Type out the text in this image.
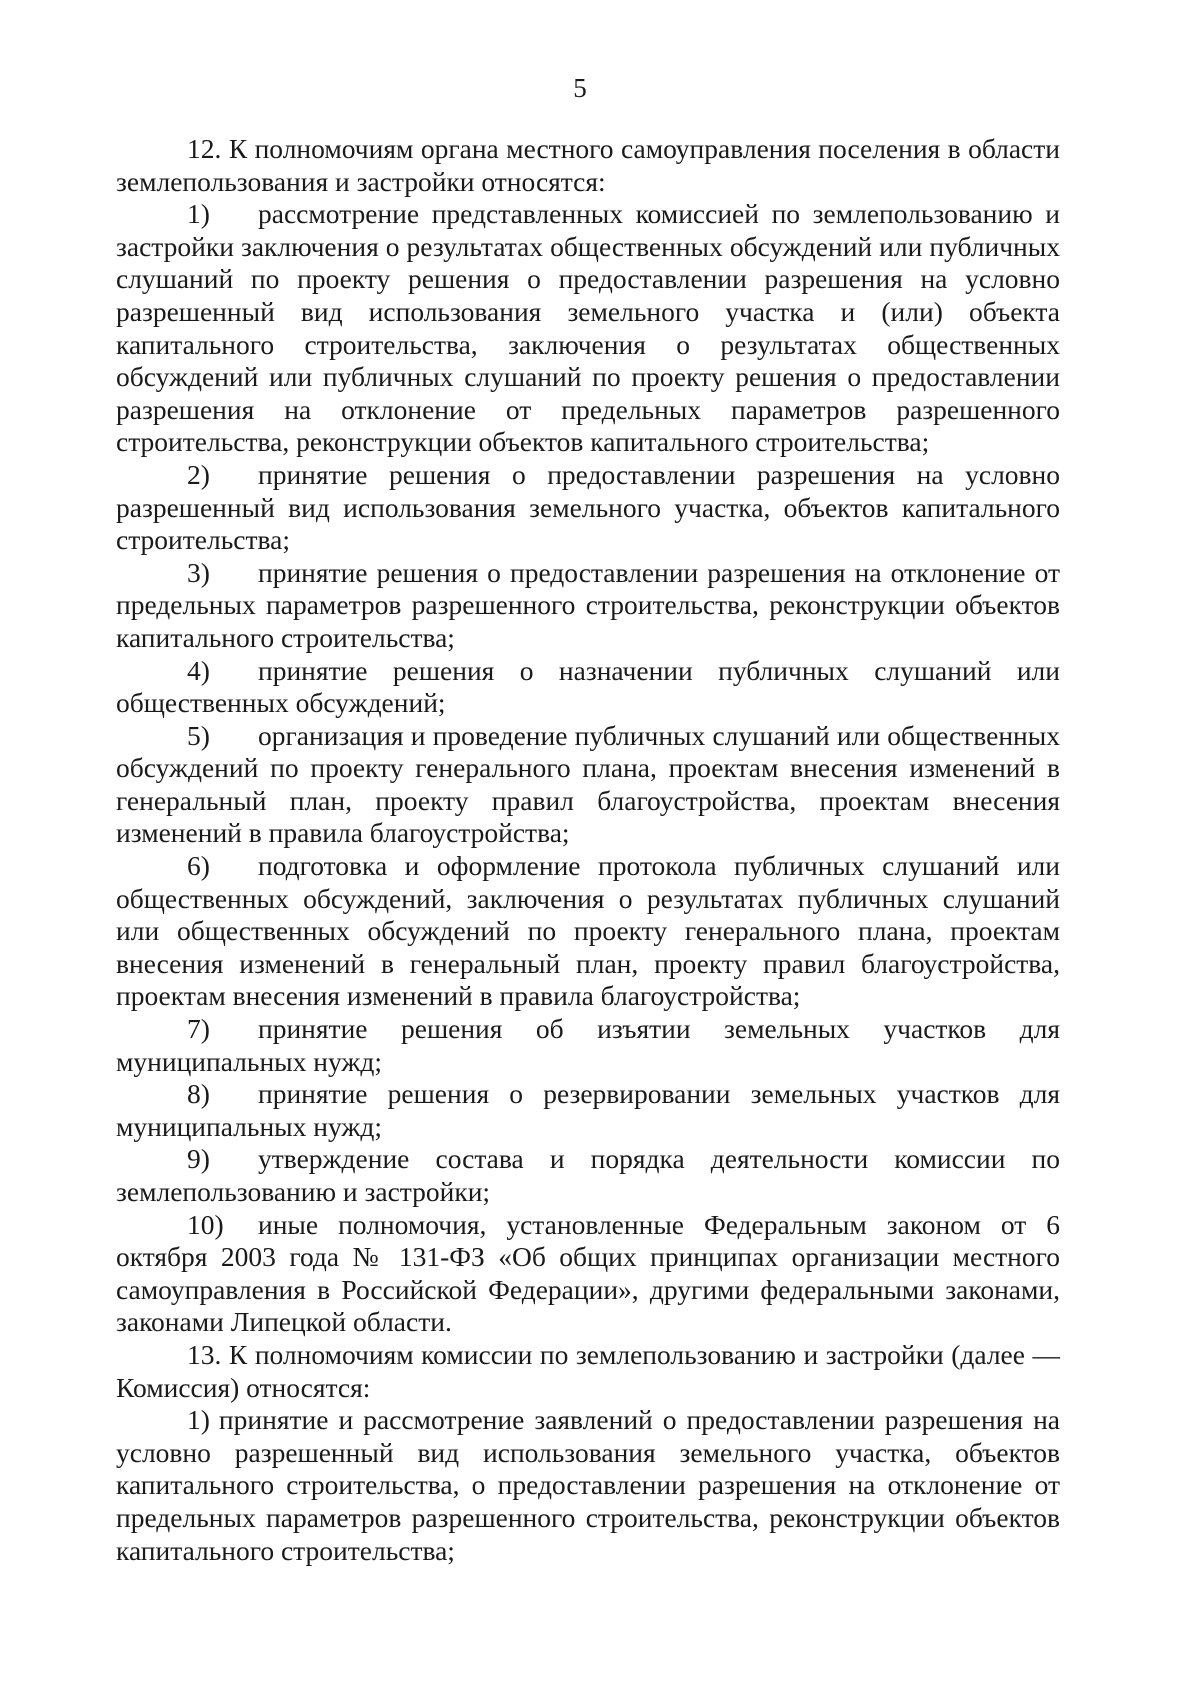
5

12. К полномочиям органа местного самоуправления поселения в области землепользования и застройки относятся:

1) рассмотрение представленных комиссией по землепользованию и застройки заключения о результатах общественных обсуждений или публичных слушаний по проекту решения о предоставлении разрешения на условно разрешенный вид использования земельного участка и (или) объекта капитального строительства, заключения о результатах общественных обсуждений или публичных слушаний по проекту решения о предоставлении разрешения на отклонение от предельных параметров разрешенного строительства, реконструкции объектов капитального строительства;

2) принятие решения о предоставлении разрешения на условно разрешенный вид использования земельного участка, объектов капитального строительства;

3) принятие решения о предоставлении разрешения на отклонение от предельных параметров разрешенного строительства, реконструкции объектов капитального строительства;

4) принятие решения о назначении публичных слушаний или общественных обсуждений;

5) организация и проведение публичных слушаний или общественных обсуждений по проекту генерального плана, проектам внесения изменений в генеральный план, проекту правил благоустройства, проектам внесения изменений в правила благоустройства;

6) подготовка и оформление протокола публичных слушаний или общественных обсуждений, заключения о результатах публичных слушаний или общественных обсуждений по проекту генерального плана, проектам внесения изменений в генеральный план, проекту правил благоустройства, проектам внесения изменений в правила благоустройства;

7) принятие решения об изъятии земельных участков для муниципальных нужд;

8) принятие решения о резервировании земельных участков для муниципальных нужд;

9) утверждение состава и порядка деятельности комиссии по землепользованию и застройки;

10) иные полномочия, установленные Федеральным законом от 6 октября 2003 года № 131-ФЗ «Об общих принципах организации местного самоуправления в Российской Федерации», другими федеральными законами, законами Липецкой области.

13. К полномочиям комиссии по землепользованию и застройки (далее — Комиссия) относятся:

1) принятие и рассмотрение заявлений о предоставлении разрешения на условно разрешенный вид использования земельного участка, объектов капитального строительства, о предоставлении разрешения на отклонение от предельных параметров разрешенного строительства, реконструкции объектов капитального строительства;
